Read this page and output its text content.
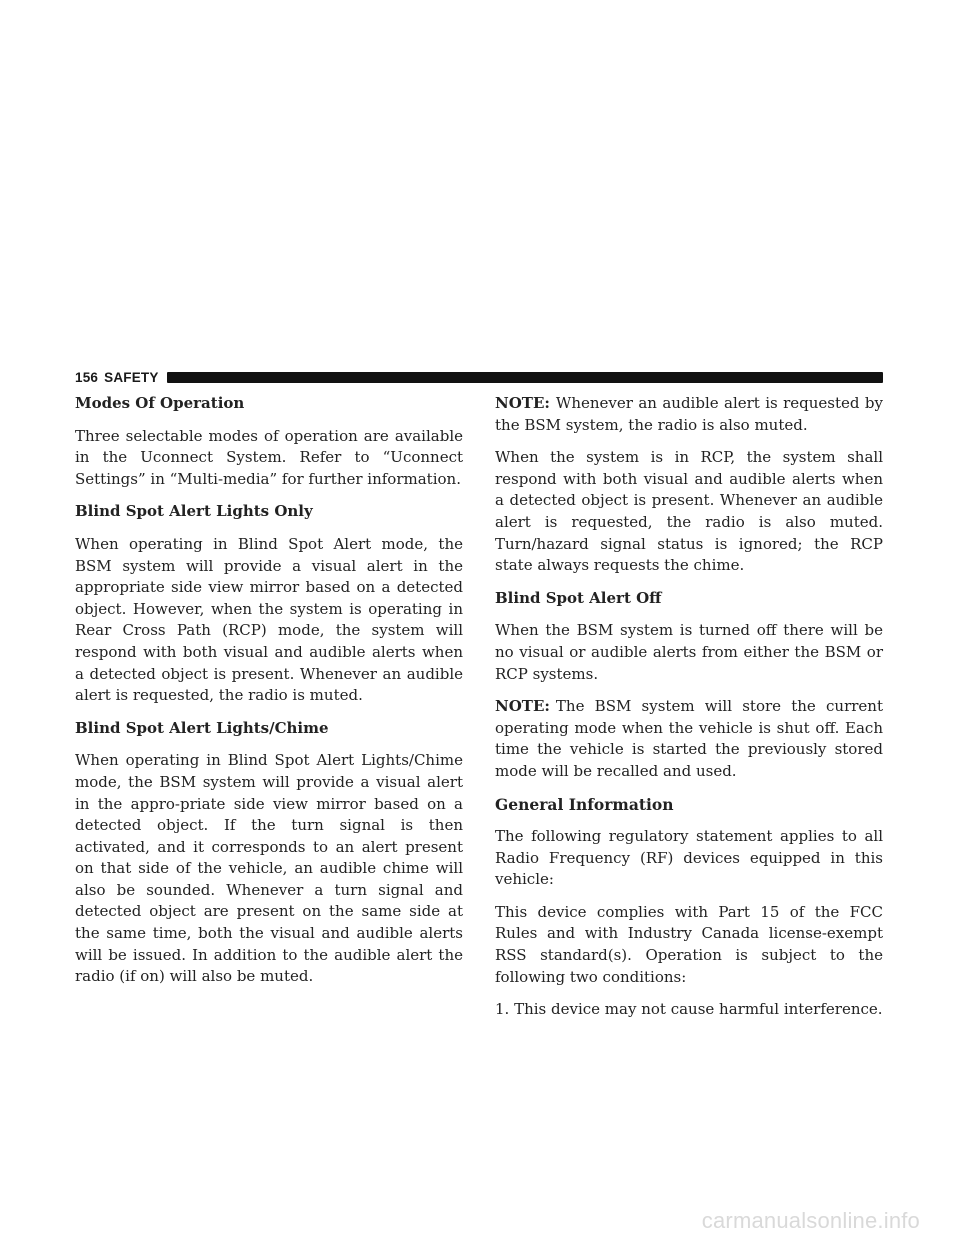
156 SAFETY
Modes Of Operation

Three selectable modes of operation are available in the Uconnect System. Refer to “Uconnect Settings” in “Multi-media” for further information.

Blind Spot Alert Lights Only

When operating in Blind Spot Alert mode, the BSM system will provide a visual alert in the appropriate side view mirror based on a detected object. However, when the system is operating in Rear Cross Path (RCP) mode, the system will respond with both visual and audible alerts when a detected object is present. Whenever an audible alert is requested, the radio is muted.

Blind Spot Alert Lights/Chime

When operating in Blind Spot Alert Lights/Chime mode, the BSM system will provide a visual alert in the appro-priate side view mirror based on a detected object. If the turn signal is then activated, and it corresponds to an alert present on that side of the vehicle, an audible chime will also be sounded. Whenever a turn signal and detected object are present on the same side at the same time, both the visual and audible alerts will be issued. In addition to the audible alert the radio (if on) will also be muted.

NOTE: Whenever an audible alert is requested by the BSM system, the radio is also muted.

When the system is in RCP, the system shall respond with both visual and audible alerts when a detected object is present. Whenever an audible alert is requested, the radio is also muted. Turn/hazard signal status is ignored; the RCP state always requests the chime.

Blind Spot Alert Off

When the BSM system is turned off there will be no visual or audible alerts from either the BSM or RCP systems.

NOTE: The BSM system will store the current operating mode when the vehicle is shut off. Each time the vehicle is started the previously stored mode will be recalled and used.

General Information

The following regulatory statement applies to all Radio Frequency (RF) devices equipped in this vehicle:

This device complies with Part 15 of the FCC Rules and with Industry Canada license-exempt RSS standard(s). Operation is subject to the following two conditions:

1. This device may not cause harmful interference.

carmanualsonline.info
